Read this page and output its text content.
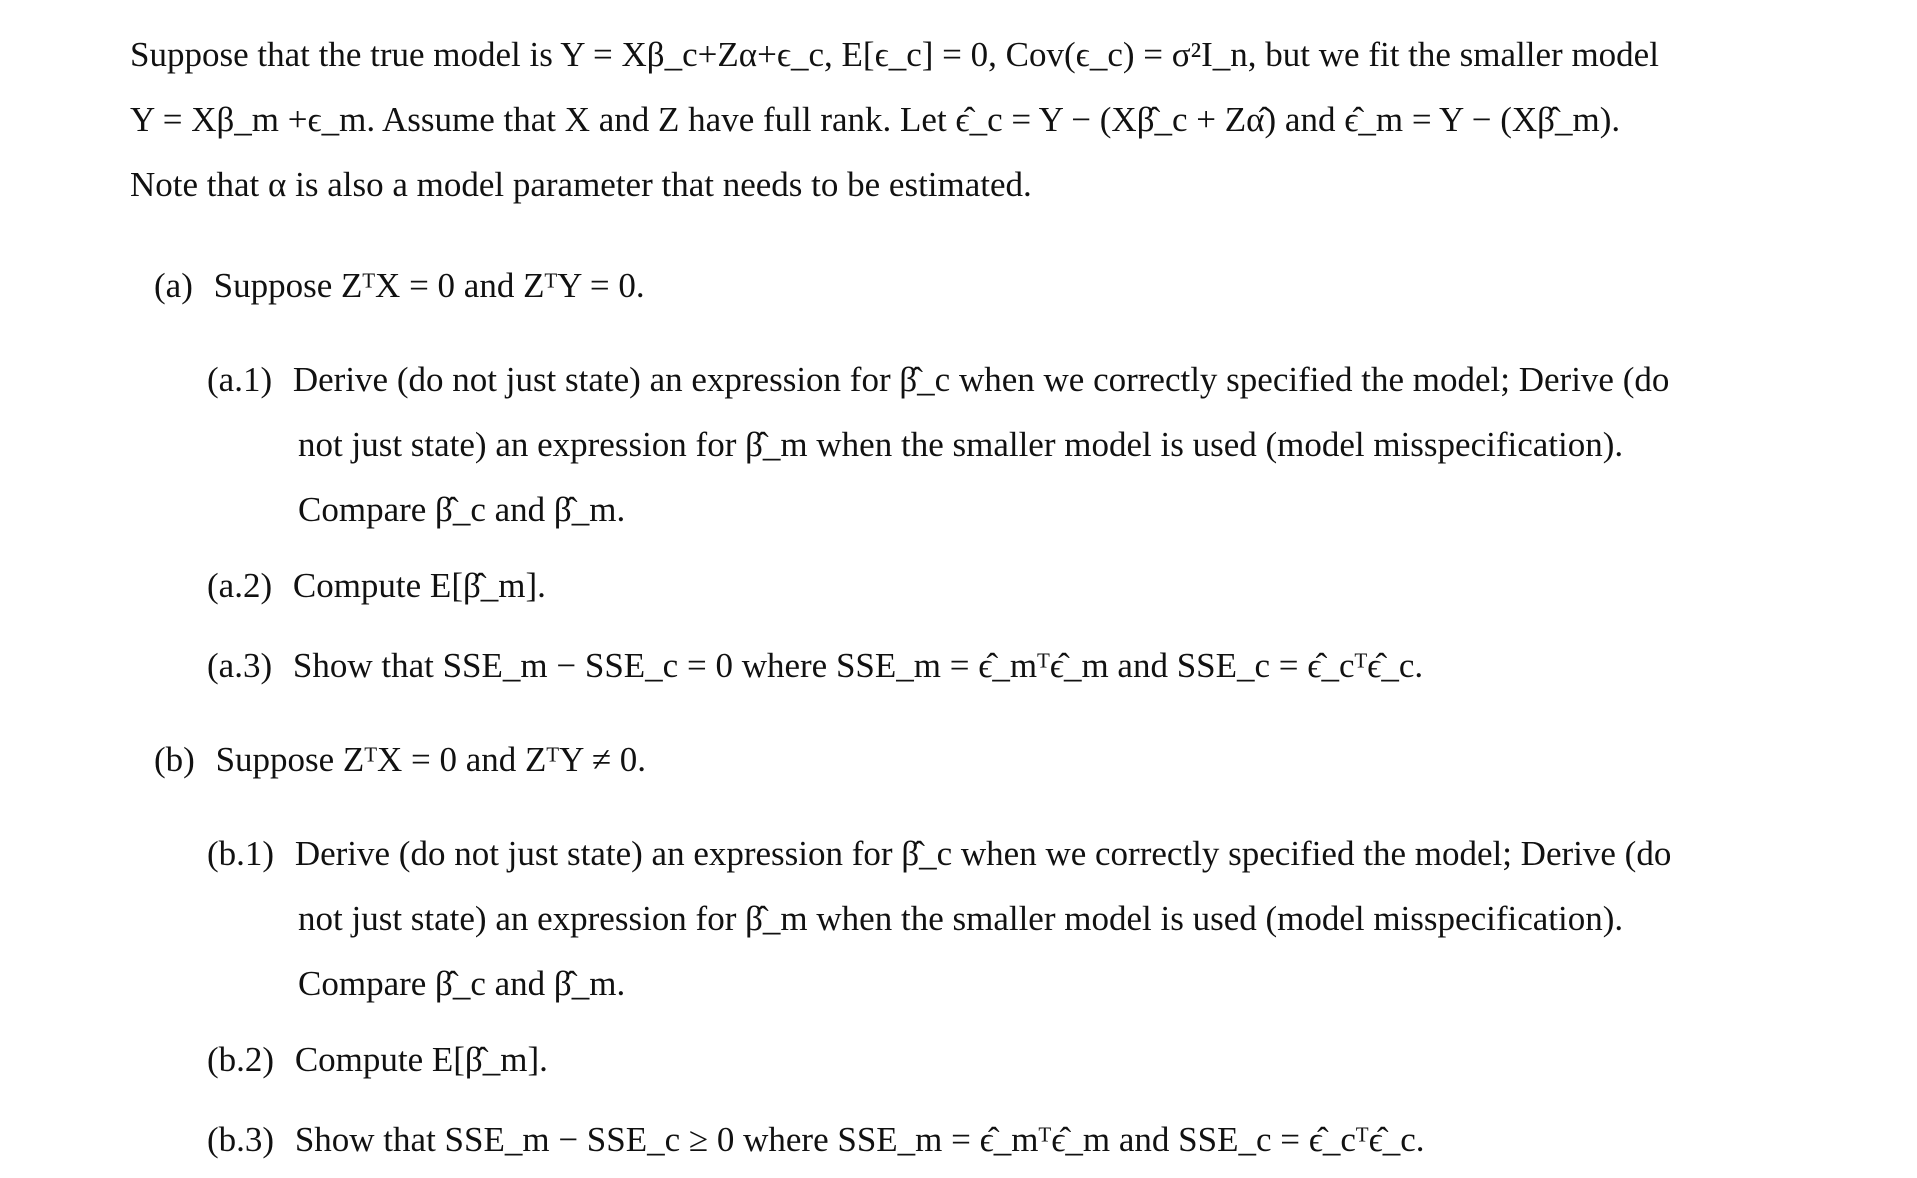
Suppose that the true model is Y = Xβ_c+Zα+ϵ_c, E[ϵ_c] = 0, Cov(ϵ_c) = σ²I_n, but we fit the smaller model
Y = Xβ_m +ϵ_m. Assume that X and Z have full rank. Let ϵ̂_c = Y − (Xβ̂_c + Zα̂) and ϵ̂_m = Y − (Xβ̂_m).
Note that α is also a model parameter that needs to be estimated.
(a) Suppose ZᵀX = 0 and ZᵀY = 0.
(a.1) Derive (do not just state) an expression for β̂_c when we correctly specified the model; Derive (do
not just state) an expression for β̂_m when the smaller model is used (model misspecification).
Compare β̂_c and β̂_m.
(a.2) Compute E[β̂_m].
(a.3) Show that SSE_m − SSE_c = 0 where SSE_m = ϵ̂_mᵀϵ̂_m and SSE_c = ϵ̂_cᵀϵ̂_c.
(b) Suppose ZᵀX = 0 and ZᵀY ≠ 0.
(b.1) Derive (do not just state) an expression for β̂_c when we correctly specified the model; Derive (do
not just state) an expression for β̂_m when the smaller model is used (model misspecification).
Compare β̂_c and β̂_m.
(b.2) Compute E[β̂_m].
(b.3) Show that SSE_m − SSE_c ≥ 0 where SSE_m = ϵ̂_mᵀϵ̂_m and SSE_c = ϵ̂_cᵀϵ̂_c.
